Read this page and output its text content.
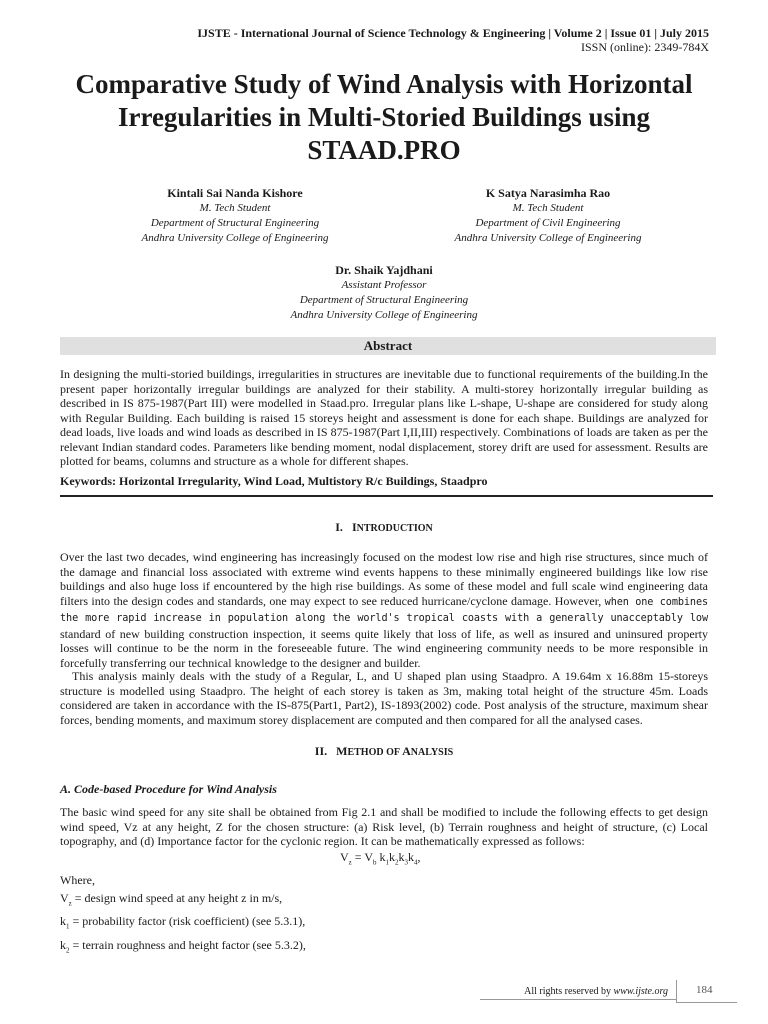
IJSTE - International Journal of Science Technology & Engineering | Volume 2 | Issue 01 | July 2015
ISSN (online): 2349-784X
Comparative Study of Wind Analysis with Horizontal Irregularities in Multi-Storied Buildings using STAAD.PRO
Kintali Sai Nanda Kishore
M. Tech Student
Department of Structural Engineering
Andhra University College of Engineering
K Satya Narasimha Rao
M. Tech Student
Department of Civil Engineering
Andhra University College of Engineering
Dr. Shaik Yajdhani
Assistant Professor
Department of Structural Engineering
Andhra University College of Engineering
Abstract

In designing the multi-storied buildings, irregularities in structures are inevitable due to functional requirements of the building.In the present paper horizontally irregular buildings are analyzed for their stability. A multi-storey horizontally irregular building as described in IS 875-1987(Part III) were modelled in Staad.pro. Irregular plans like L-shape, U-shape are considered for study along with Regular Building. Each building is raised 15 storeys height and assessment is done for each shape. Buildings are analyzed for dead loads, live loads and wind loads as described in IS 875-1987(Part I,II,III) respectively. Combinations of loads are taken as per the relevant Indian standard codes. Parameters like bending moment, nodal displacement, storey drift are used for assessment. Results are plotted for beams, columns and structure as a whole for different shapes.

Keywords: Horizontal Irregularity, Wind Load, Multistory R/c Buildings, Staadpro
I. INTRODUCTION

Over the last two decades, wind engineering has increasingly focused on the modest low rise and high rise structures, since much of the damage and financial loss associated with extreme wind events happens to these minimally engineered buildings like low rise buildings and also huge loss if encountered by the high rise buildings. As some of these model and full scale wind engineering data filters into the design codes and standards, one may expect to see reduced hurricane/cyclone damage. However, when one combines the more rapid increase in population along the world's tropical coasts with a generally unacceptably low standard of new building construction inspection, it seems quite likely that loss of life, as well as insured and uninsured property losses will continue to be the norm in the foreseeable future. The wind engineering community needs to be more responsible in forcefully transferring our technical knowledge to the designer and builder.

This analysis mainly deals with the study of a Regular, L, and U shaped plan using Staadpro. A 19.64m x 16.88m 15-storeys structure is modelled using Staadpro. The height of each storey is taken as 3m, making total height of the structure 45m. Loads considered are taken in accordance with the IS-875(Part1, Part2), IS-1893(2002) code. Post analysis of the structure, maximum shear forces, bending moments, and maximum storey displacement are computed and then compared for all the analysed cases.

II. METHOD OF ANALYSIS
A. Code-based Procedure for Wind Analysis

The basic wind speed for any site shall be obtained from Fig 2.1 and shall be modified to include the following effects to get design wind speed, Vz at any height, Z for the chosen structure: (a) Risk level, (b) Terrain roughness and height of structure, (c) Local topography, and (d) Importance factor for the cyclonic region. It can be mathematically expressed as follows:

$V_z = V_b$ $k_1k_2k_3k_4$,
Where,
$V_z$ = design wind speed at any height z in m/s,
$k_1$ = probability factor (risk coefficient) (see 5.3.1),
$k_2$ = terrain roughness and height factor (see 5.3.2),
All rights reserved by www.ijste.org	184
